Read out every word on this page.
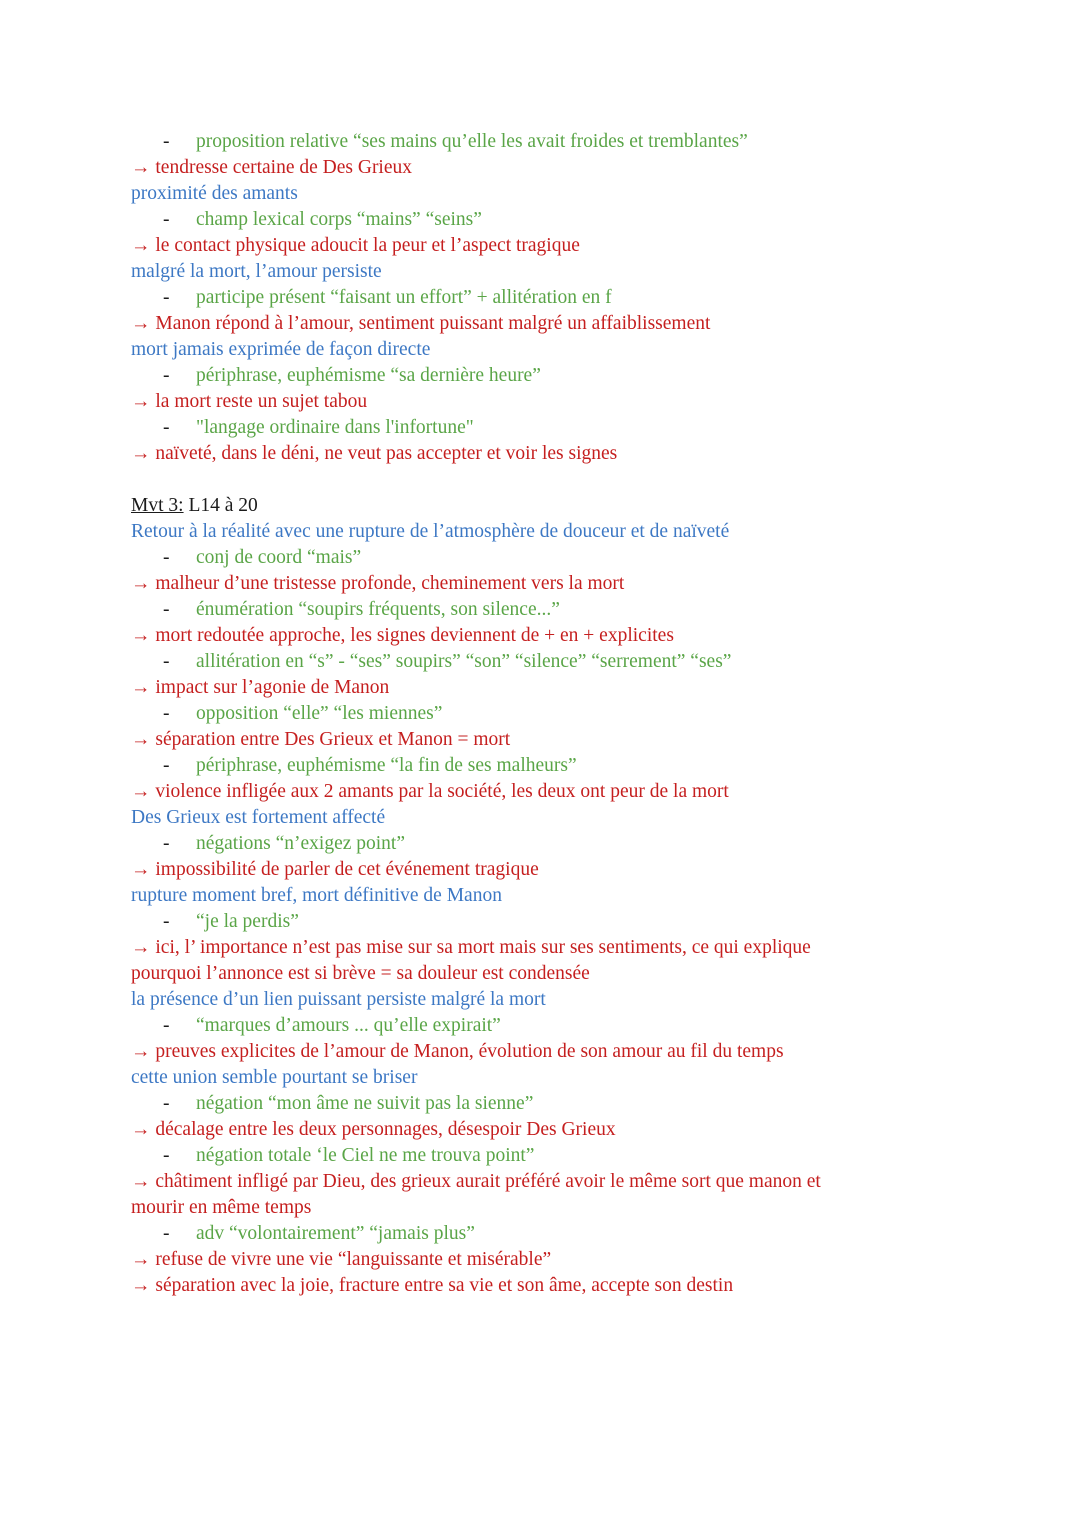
- proposition relative “ses mains qu’elle les avait froides et tremblantes”
→ tendresse certaine de Des Grieux
proximité des amants
- champ lexical corps “mains” “seins”
→ le contact physique adoucit la peur et l’aspect tragique
malgré la mort, l’amour persiste
- participe présent “faisant un effort” + allitération en f
→ Manon répond à l’amour, sentiment puissant malgré un affaiblissement
mort jamais exprimée de façon directe
- périphrase, euphémisme “sa dernière heure”
→ la mort reste un sujet tabou
- "langage ordinaire dans l'infortune"
→ naïveté, dans le déni, ne veut pas accepter et voir les signes
Mvt 3: L14 à 20
Retour à la réalité avec une rupture de l’atmosphère de douceur et de naïveté
- conj de coord “mais”
→ malheur d’une tristesse profonde, cheminement vers la mort
- énumération “soupirs fréquents, son silence...”
→ mort redoutée approche, les signes deviennent de + en + explicites
- allitération en “s” - “ses” soupirs” “son” “silence” “serrement” “ses”
→ impact sur l’agonie de Manon
- opposition “elle” “les miennes”
→ séparation entre Des Grieux et Manon = mort
- périphrase, euphémisme “la fin de ses malheurs”
→ violence infligée aux 2 amants par la société, les deux ont peur de la mort
Des Grieux est fortement affecté
- négations “n’exigez point”
→ impossibilité de parler de cet événement tragique
rupture moment bref, mort définitive de Manon
- “je la perdis”
→ ici, l’ importance n’est pas mise sur sa mort mais sur ses sentiments, ce qui explique
pourquoi l’annonce est si brève = sa douleur est condensée
la présence d’un lien puissant persiste malgré la mort
- “marques d’amours ... qu’elle expirait”
→ preuves explicites de l’amour de Manon, évolution de son amour au fil du temps
cette union semble pourtant se briser
- négation “mon âme ne suivit pas la sienne”
→ décalage entre les deux personnages, désespoir Des Grieux
- négation totale ‘le Ciel ne me trouva point”
→ châtiment infligé par Dieu, des grieux aurait préféré avoir le même sort que manon et
mourir en même temps
- adv “volontairement” “jamais plus”
→ refuse de vivre une vie “languissante et misérable”
→ séparation avec la joie, fracture entre sa vie et son âme, accepte son destin
